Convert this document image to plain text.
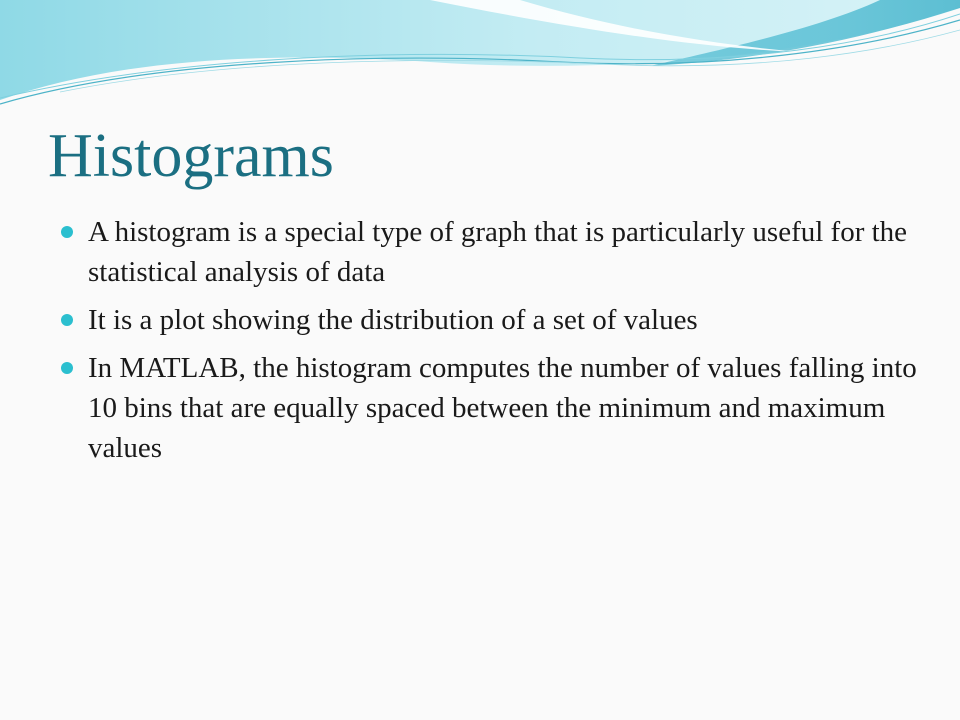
Histograms
A histogram is a special type of graph that is particularly useful for the statistical analysis of data
It is a plot showing the distribution of a set of values
In MATLAB, the histogram computes the number of values falling into 10 bins that are equally spaced between the minimum and maximum values
